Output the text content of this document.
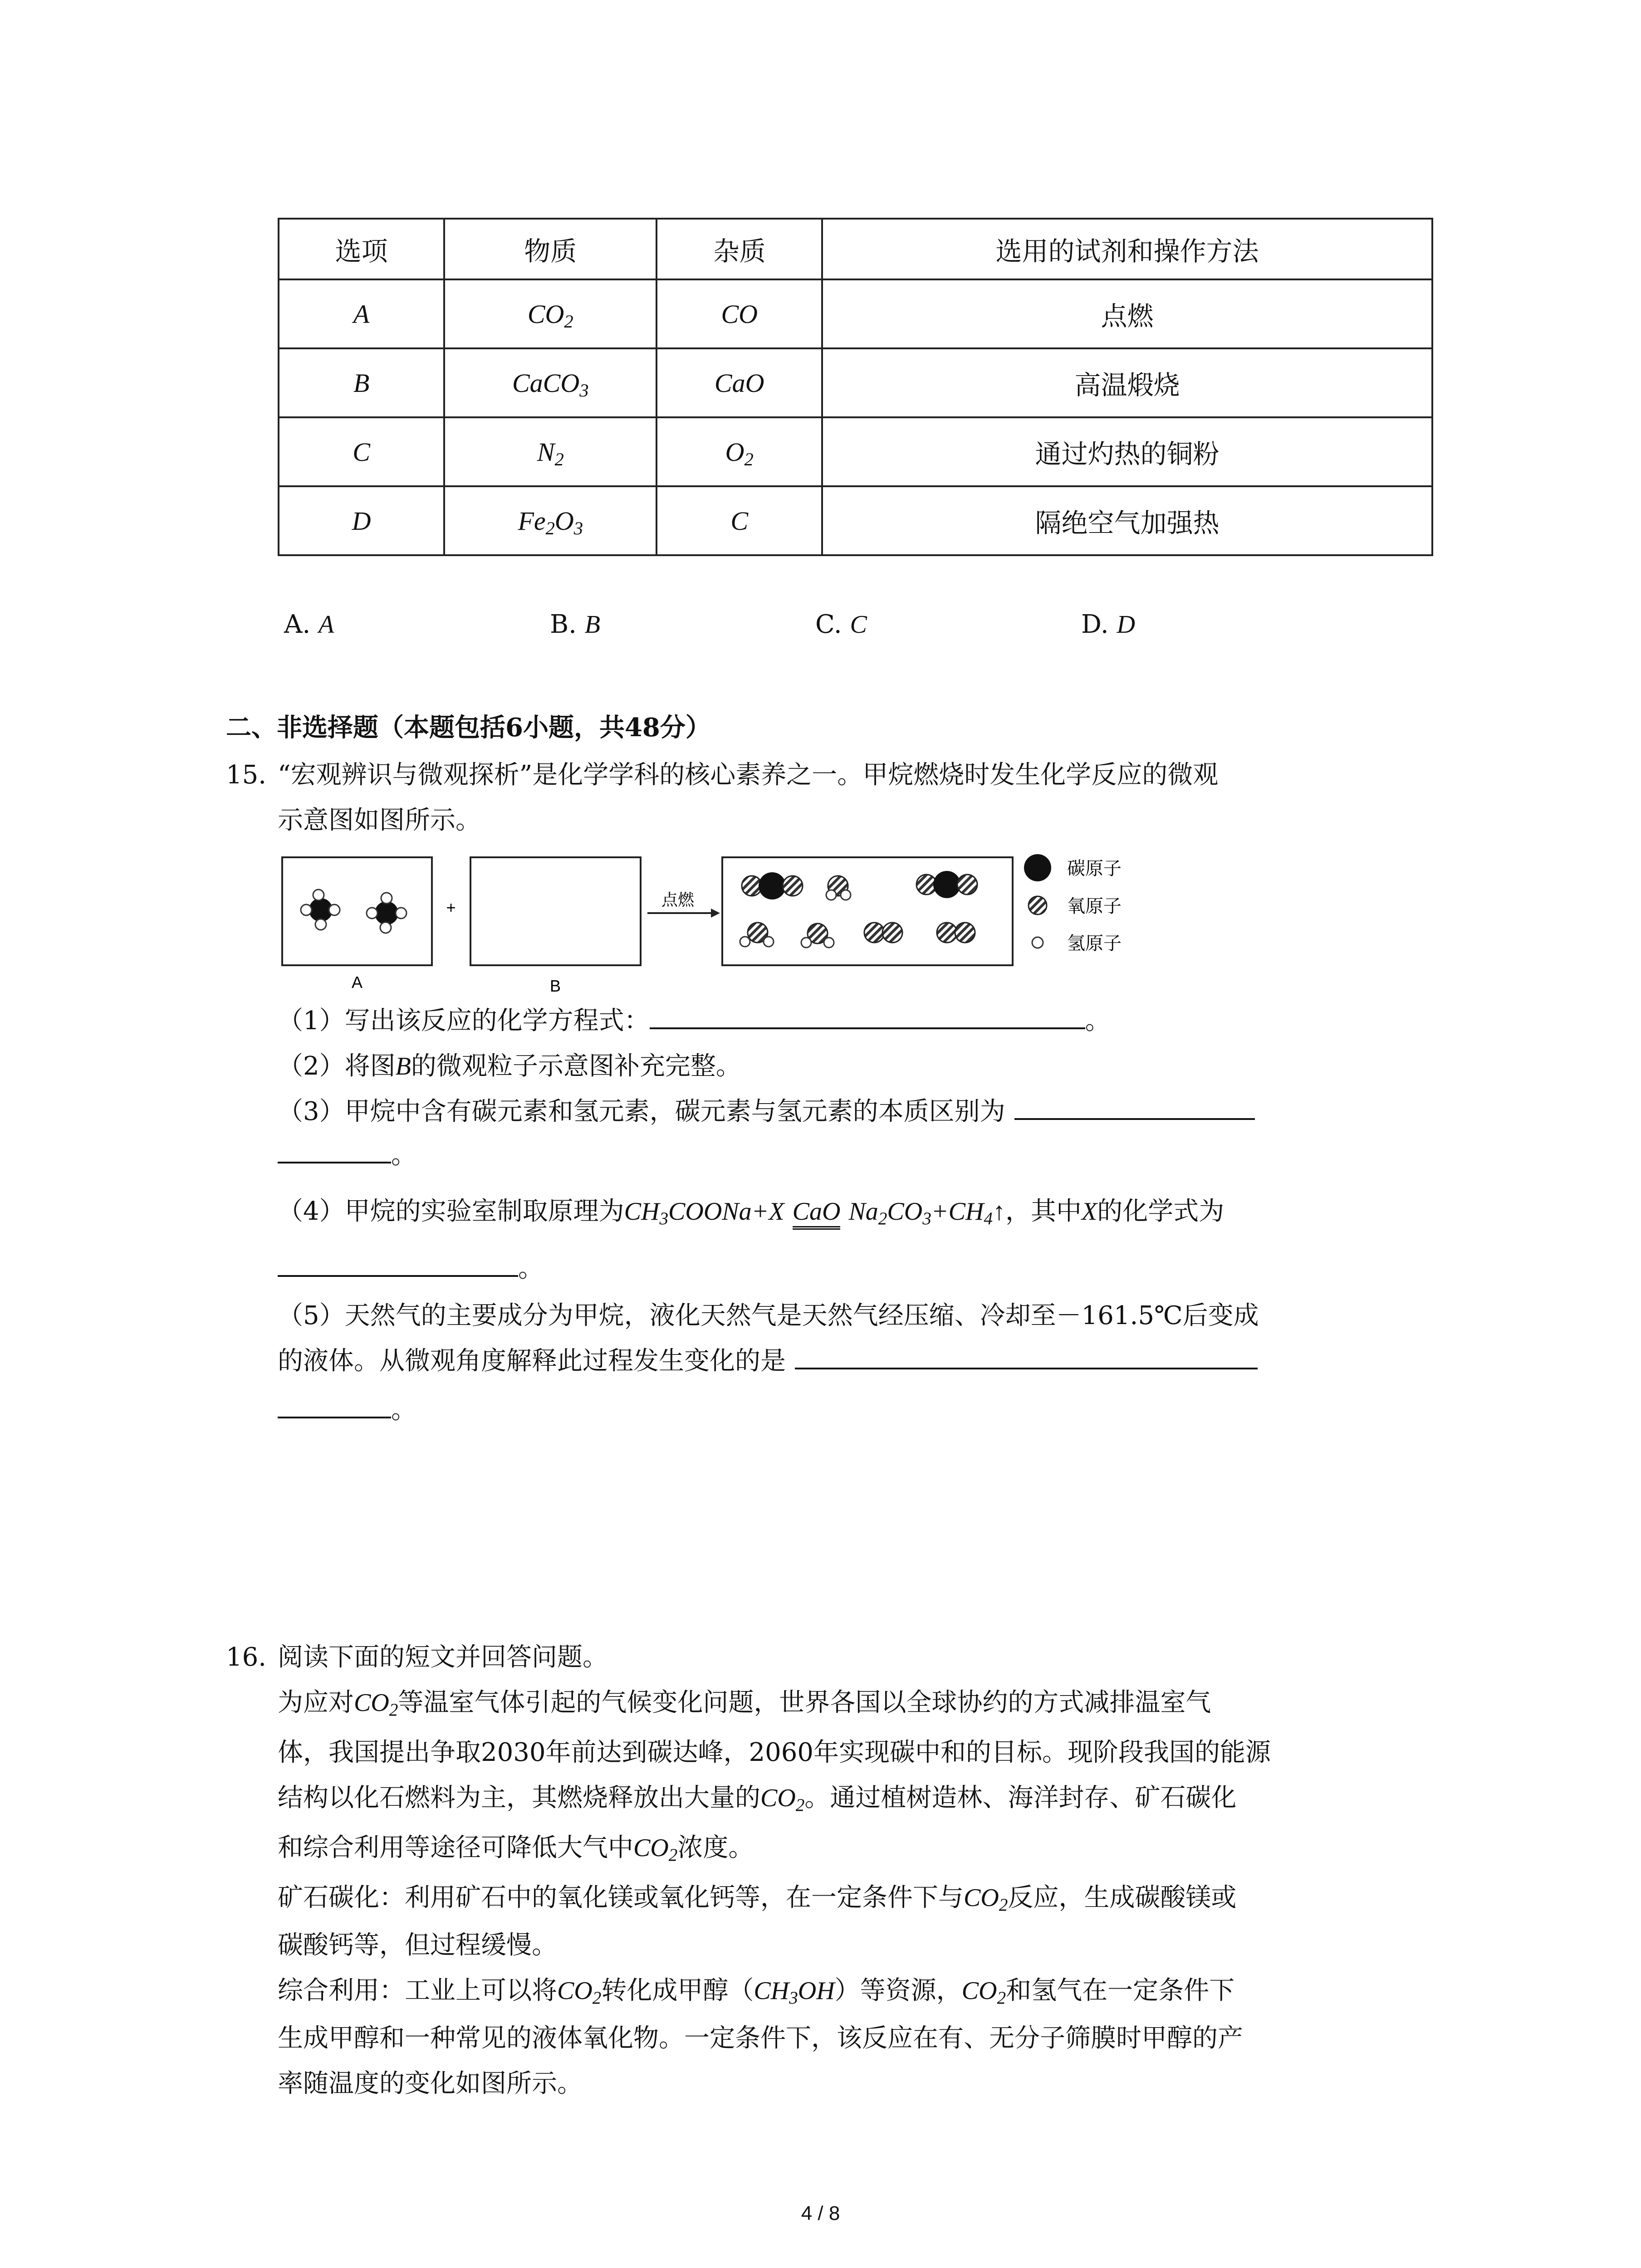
选项	物质	杂质	选用的试剂和操作方法
A	$CO_2$	CO	点燃
B	CaCO$_3$	CaO	高温煅烧
C	$N_2$	$O_2$	通过灼热的铜粉
D	$Fe_2O_3$	C	隔绝空气加强热
A. A	B. B	C. C	D. D
二、非选择题（本题包括6小题，共48分）
15. “宏观辨识与微观探析”是化学学科的核心素养之一。甲烷燃烧时发生化学反应的微观
示意图如图所示。
A
+
B
点燃
碳原子
氧原子
氢原子
（1）写出该反应的化学方程式：	。
（2）将图B的微观粒子示意图补充完整。
（3）甲烷中含有碳元素和氢元素，碳元素与氢元素的本质区别为
。
（4）甲烷的实验室制取原理为$CH_3COONa+X$ CaO $Na_2CO_3+CH_4↑$，其中X的化学式为
。
（5）天然气的主要成分为甲烷，液化天然气是天然气经压缩、冷却至－161.5℃后变成
的液体。从微观角度解释此过程发生变化的是
。
16. 阅读下面的短文并回答问题。
为应对$CO_2$等温室气体引起的气候变化问题，世界各国以全球协约的方式减排温室气
体，我国提出争取2030年前达到碳达峰，2060年实现碳中和的目标。现阶段我国的能源
结构以化石燃料为主，其燃烧释放出大量的$CO_2$。通过植树造林、海洋封存、矿石碳化
和综合利用等途径可降低大气中$CO_2$浓度。
矿石碳化：利用矿石中的氧化镁或氧化钙等，在一定条件下与$CO_2$反应，生成碳酸镁或
碳酸钙等，但过程缓慢。
综合利用：工业上可以将$CO_2$转化成甲醇$(CH_3OH)$等资源，$CO_2$和氢气在一定条件下
生成甲醇和一种常见的液体氧化物。一定条件下，该反应在有、无分子筛膜时甲醇的产
率随温度的变化如图所示。
4 / 8
